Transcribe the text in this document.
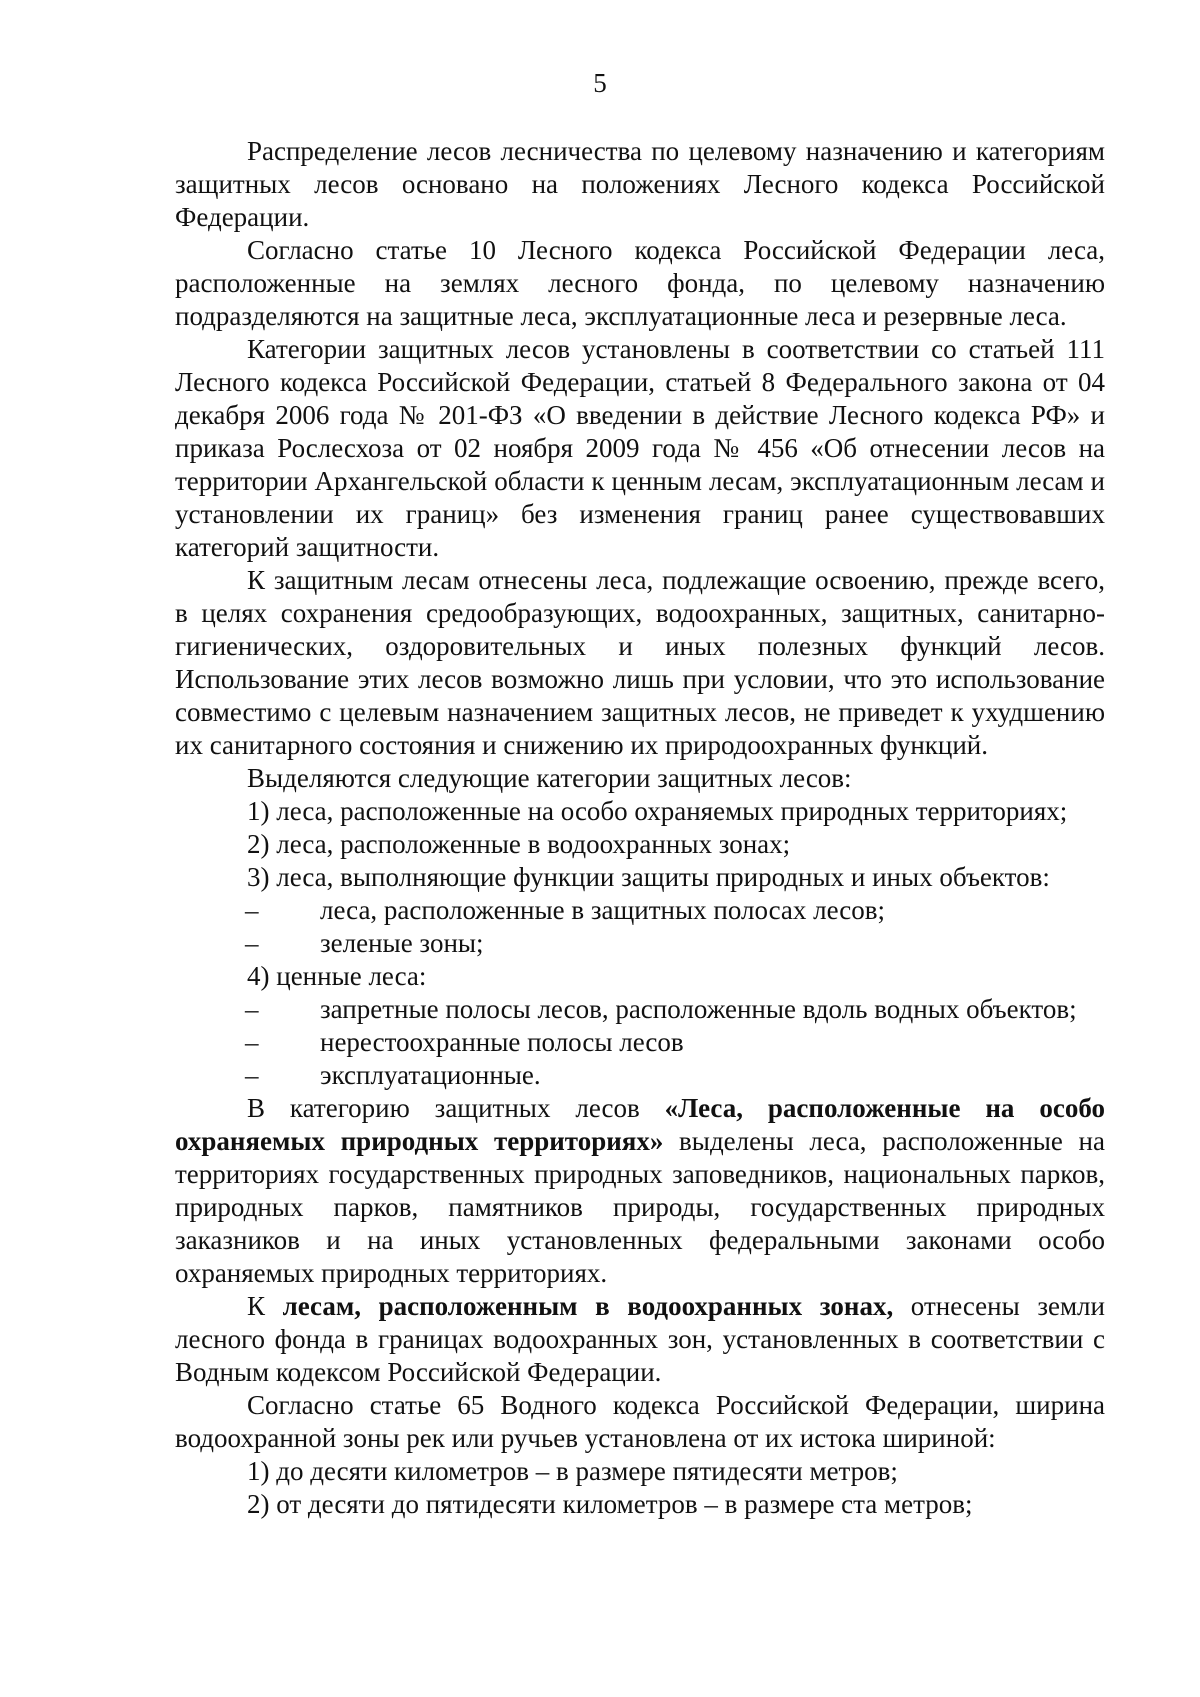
5

Распределение лесов лесничества по целевому назначению и категориям защитных лесов основано на положениях Лесного кодекса Российской Федерации.

Согласно статье 10 Лесного кодекса Российской Федерации леса, расположенные на землях лесного фонда, по целевому назначению подразделяются на защитные леса, эксплуатационные леса и резервные леса.

Категории защитных лесов установлены в соответствии со статьей 111 Лесного кодекса Российской Федерации, статьей 8 Федерального закона от 04 декабря 2006 года № 201-ФЗ «О введении в действие Лесного кодекса РФ» и приказа Рослесхоза от 02 ноября 2009 года № 456 «Об отнесении лесов на территории Архангельской области к ценным лесам, эксплуатационным лесам и установлении их границ» без изменения границ ранее существовавших категорий защитности.

К защитным лесам отнесены леса, подлежащие освоению, прежде всего, в целях сохранения средообразующих, водоохранных, защитных, санитарно-гигиенических, оздоровительных и иных полезных функций лесов. Использование этих лесов возможно лишь при условии, что это использование совместимо с целевым назначением защитных лесов, не приведет к ухудшению их санитарного состояния и снижению их природоохранных функций.

Выделяются следующие категории защитных лесов:

1) леса, расположенные на особо охраняемых природных территориях;

2) леса, расположенные в водоохранных зонах;

3) леса, выполняющие функции защиты природных и иных объектов:

– леса, расположенные в защитных полосах лесов;

– зеленые зоны;

4) ценные леса:

– запретные полосы лесов, расположенные вдоль водных объектов;

– нерестоохранные полосы лесов

– эксплуатационные.

В категорию защитных лесов «Леса, расположенные на особо охраняемых природных территориях» выделены леса, расположенные на территориях государственных природных заповедников, национальных парков, природных парков, памятников природы, государственных природных заказников и на иных установленных федеральными законами особо охраняемых природных территориях.

К лесам, расположенным в водоохранных зонах, отнесены земли лесного фонда в границах водоохранных зон, установленных в соответствии с Водным кодексом Российской Федерации.

Согласно статье 65 Водного кодекса Российской Федерации, ширина водоохранной зоны рек или ручьев установлена от их истока шириной:

1) до десяти километров – в размере пятидесяти метров;

2) от десяти до пятидесяти километров – в размере ста метров;
